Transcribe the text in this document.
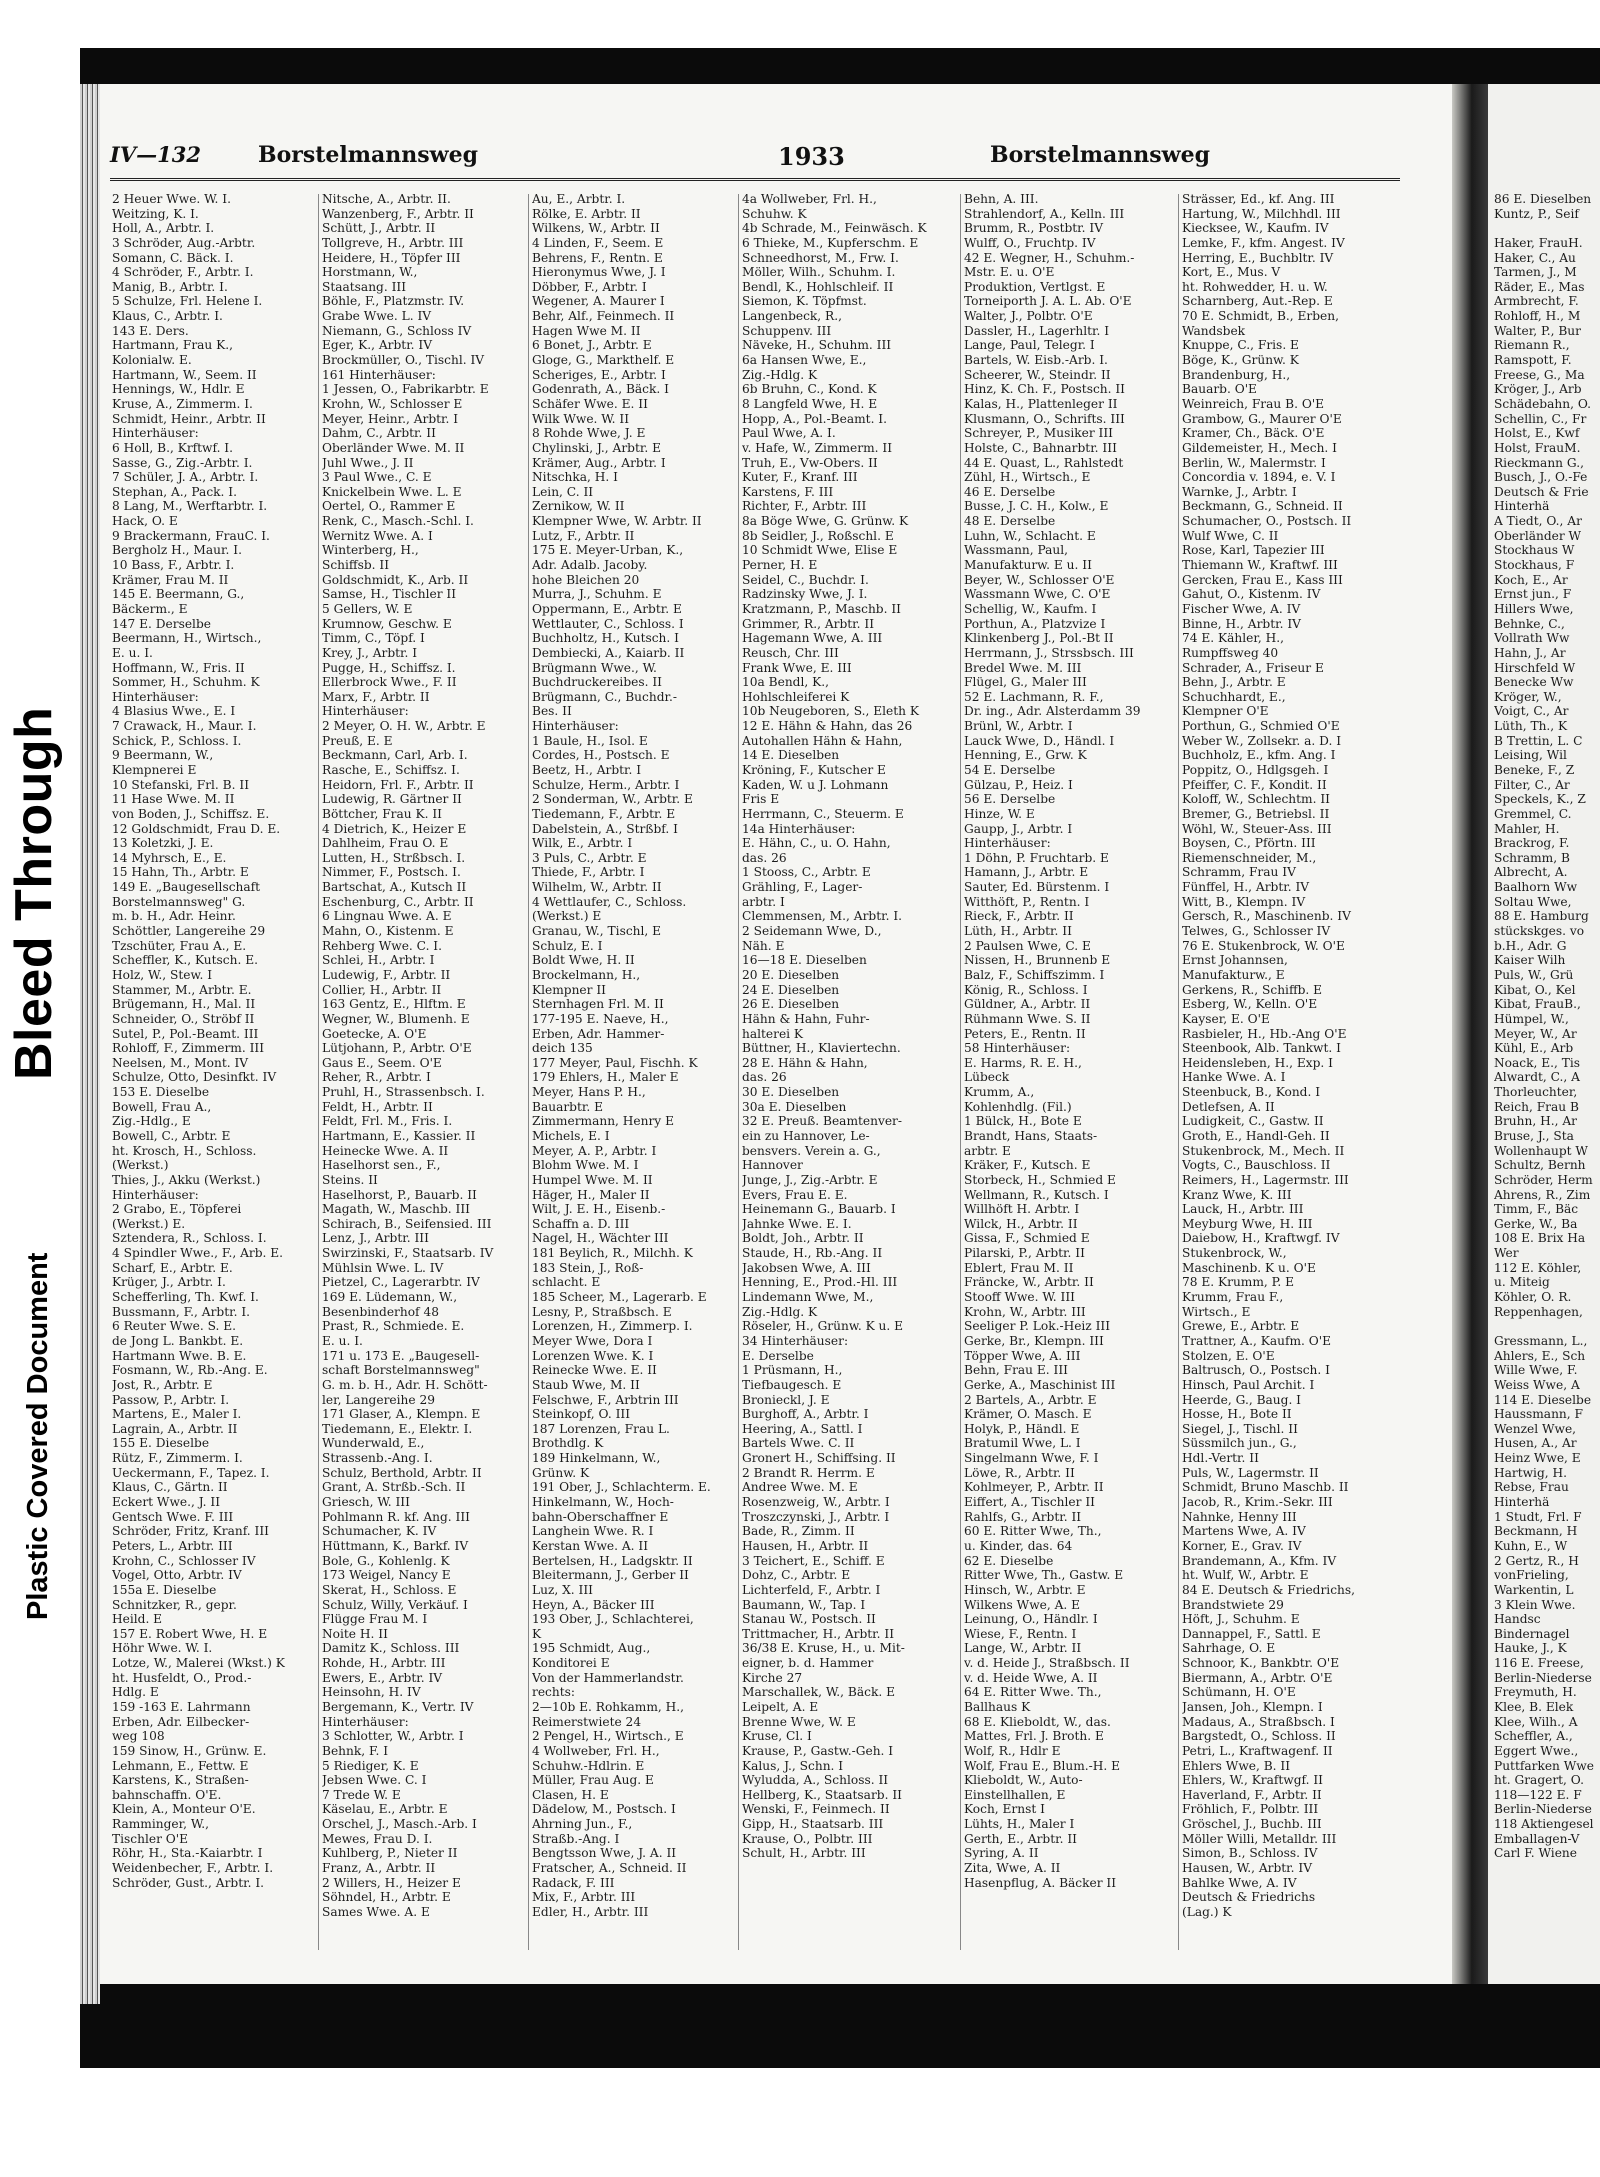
Bleed Through
Plastic Covered Document
86 E. Dieselben
Kuntz, P., Seif
Haker, FrauH.
Haker, C., Au
Tarmen, J., M
Räder, E., Mas
Armbrecht, F.
Rohloff, H., M
Walter, P., Bur
Riemann R.,
Ramspott, F.
Freese, G., Ma
Kröger, J., Arb
Schädebahn, O.
Schellin, C., Fr
Holst, E., Kwf
Holst, FrauM.
Rieckmann G.,
Busch, J., O.-Fe
Deutsch & Frie
Hinterhä
A Tiedt, O., Ar
Oberländer W
Stockhaus W
Stockhaus, F
Koch, E., Ar
Ernst jun., F
Hillers Wwe,
Behnke, C.,
Vollrath Ww
Hahn, J., Ar
Hirschfeld W
Benecke Ww
Kröger, W.,
Voigt, C., Ar
Lüth, Th., K
B Trettin, L. C
Leising, Wil
Beneke, F., Z
Filter, C., Ar
Speckels, K., Z
Gremmel, C.
Mahler, H.
Brackrog, F.
Schramm, B
Albrecht, A.
Baalhorn Ww
Soltau Wwe,
88 E. Hamburg
stückskges. vo
b.H., Adr. G
Kaiser Wilh
Puls, W., Grü
Kibat, O., Kel
Kibat, FrauB.,
Hümpel, W.,
Meyer, W., Ar
Kühl, E., Arb
Noack, E., Tis
Alwardt, C., A
Thorleuchter,
Reich, Frau B
Bruhn, H., Ar
Bruse, J., Sta
Wollenhaupt W
Schultz, Bernh
Schröder, Herm
Ahrens, R., Zim
Timm, F., Bäc
Gerke, W., Ba
108 E. Brix Ha
Wer
112 E. Köhler,
u. Miteig
Köhler, O. R.
Reppenhagen,
Gressmann, L.,
Ahlers, E., Sch
Wille Wwe, F.
Weiss Wwe, A
114 E. Dieselbe
Haussmann, F
Wenzel Wwe,
Husen, A., Ar
Heinz Wwe, E
Hartwig, H.
Rebse, Frau
Hinterhä
1 Studt, Frl. F
Beckmann, H
Kuhn, E., W
2 Gertz, R., H
vonFrieling,
Warkentin, L
3 Klein Wwe.
Handsc
Bindernagel
Hauke, J., K
116 E. Freese,
Berlin-Niederse
Freymuth, H.
Klee, B. Elek
Klee, Wilh., A
Scheffler, A.,
Eggert Wwe.,
Puttfarken Wwe
ht. Gragert, O.
118—122 E. F
Berlin-Niederse
118 Aktiengesel
Emballagen-V
Carl F. Wiene
IV—132	Borstelmannsweg	1933	Borstelmannsweg
2 Heuer Wwe. W. I.
Weitzing, K. I.
Holl, A., Arbtr. I.
3 Schröder, Aug.-Arbtr.
Somann, C. Bäck. I.
4 Schröder, F., Arbtr. I.
Manig, B., Arbtr. I.
5 Schulze, Frl. Helene I.
Klaus, C., Arbtr. I.
143 E. Ders.
Hartmann, Frau K.,
Kolonialw. E.
Hartmann, W., Seem. II
Hennings, W., Hdlr. E
Kruse, A., Zimmerm. I.
Schmidt, Heinr., Arbtr. II
Hinterhäuser:
6 Holl, B., Krftwf. I.
Sasse, G., Zig.-Arbtr. I.
7 Schüler, J. A., Arbtr. I.
Stephan, A., Pack. I.
8 Lang, M., Werftarbtr. I.
Hack, O. E
9 Brackermann, FrauC. I.
Bergholz H., Maur. I.
10 Bass, F., Arbtr. I.
Krämer, Frau M. II
145 E. Beermann, G.,
Bäckerm., E
147 E. Derselbe
Beermann, H., Wirtsch.,
E. u. I.
Hoffmann, W., Fris. II
Sommer, H., Schuhm. K
Hinterhäuser:
4 Blasius Wwe., E. I
7 Crawack, H., Maur. I.
Schick, P., Schloss. I.
9 Beermann, W.,
Klempnerei E
10 Stefanski, Frl. B. II
11 Hase Wwe. M. II
von Boden, J., Schiffsz. E.
12 Goldschmidt, Frau D. E.
13 Koletzki, J. E.
14 Myhrsch, E., E.
15 Hahn, Th., Arbtr. E
149 E. „Baugesellschaft
Borstelmannsweg" G.
m. b. H., Adr. Heinr.
Schöttler, Langereihe 29
Tzschüter, Frau A., E.
Scheffler, K., Kutsch. E.
Holz, W., Stew. I
Stammer, M., Arbtr. E.
Brügemann, H., Mal. II
Schneider, O., Ströbf II
Sutel, P., Pol.-Beamt. III
Rohloff, F., Zimmerm. III
Neelsen, M., Mont. IV
Schulze, Otto, Desinfkt. IV
153 E. Dieselbe
Bowell, Frau A.,
Zig.-Hdlg., E
Bowell, C., Arbtr. E
ht. Krosch, H., Schloss.
(Werkst.)
Thies, J., Akku (Werkst.)
Hinterhäuser:
2 Grabo, E., Töpferei
(Werkst.) E.
Sztendera, R., Schloss. I.
4 Spindler Wwe., F., Arb. E.
Scharf, E., Arbtr. E.
Krüger, J., Arbtr. I.
Schefferling, Th. Kwf. I.
Bussmann, F., Arbtr. I.
6 Reuter Wwe. S. E.
de Jong L. Bankbt. E.
Hartmann Wwe. B. E.
Fosmann, W., Rb.-Ang. E.
Jost, R., Arbtr. E
Passow, P., Arbtr. I.
Martens, E., Maler I.
Lagrain, A., Arbtr. II
155 E. Dieselbe
Rütz, F., Zimmerm. I.
Ueckermann, F., Tapez. I.
Klaus, C., Gärtn. II
Eckert Wwe., J. II
Gentsch Wwe. F. III
Schröder, Fritz, Kranf. III
Peters, L., Arbtr. III
Krohn, C., Schlosser IV
Vogel, Otto, Arbtr. IV
155a E. Dieselbe
Schnitzker, R., gepr.
Heild. E
157 E. Robert Wwe, H. E
Höhr Wwe. W. I.
Lotze, W., Malerei (Wkst.) K
ht. Husfeldt, O., Prod.-
Hdlg. E
159 -163 E. Lahrmann
Erben, Adr. Eilbecker-
weg 108
159 Sinow, H., Grünw. E.
Lehmann, E., Fettw. E
Karstens, K., Straßen-
bahnschaffn. O'E.
Klein, A., Monteur O'E.
Ramminger, W.,
Tischler O'E
Röhr, H., Sta.-Kaiarbtr. I
Weidenbecher, F., Arbtr. I.
Schröder, Gust., Arbtr. I.
Nitsche, A., Arbtr. II.
Wanzenberg, F., Arbtr. II
Schütt, J., Arbtr. II
Tollgreve, H., Arbtr. III
Heidere, H., Töpfer III
Horstmann, W.,
Staatsang. III
Böhle, F., Platzmstr. IV.
Grabe Wwe. L. IV
Niemann, G., Schloss IV
Eger, K., Arbtr. IV
Brockmüller, O., Tischl. IV
161 Hinterhäuser:
1 Jessen, O., Fabrikarbtr. E
Krohn, W., Schlosser E
Meyer, Heinr., Arbtr. I
Dahm, C., Arbtr. II
Oberländer Wwe. M. II
Juhl Wwe., J. II
3 Paul Wwe., C. E
Knickelbein Wwe. L. E
Oertel, O., Rammer E
Renk, C., Masch.-Schl. I.
Wernitz Wwe. A. I
Winterberg, H.,
Schiffsb. II
Goldschmidt, K., Arb. II
Samse, H., Tischler II
5 Gellers, W. E
Krumnow, Geschw. E
Timm, C., Töpf. I
Krey, J., Arbtr. I
Pugge, H., Schiffsz. I.
Ellerbrock Wwe., F. II
Marx, F., Arbtr. II
Hinterhäuser:
2 Meyer, O. H. W., Arbtr. E
Preuß, E. E
Beckmann, Carl, Arb. I.
Rasche, E., Schiffsz. I.
Heidorn, Frl. F., Arbtr. II
Ludewig, R. Gärtner II
Böttcher, Frau K. II
4 Dietrich, K., Heizer E
Dahlheim, Frau O. E
Lutten, H., Strßbsch. I.
Nimmer, F., Postsch. I.
Bartschat, A., Kutsch II
Eschenburg, C., Arbtr. II
6 Lingnau Wwe. A. E
Mahn, O., Kistenm. E
Rehberg Wwe. C. I.
Schlei, H., Arbtr. I
Ludewig, F., Arbtr. II
Collier, H., Arbtr. II
163 Gentz, E., Hlftm. E
Wegner, W., Blumenh. E
Goetecke, A. O'E
Lütjohann, P., Arbtr. O'E
Gaus E., Seem. O'E
Reher, R., Arbtr. I
Pruhl, H., Strassenbsch. I.
Feldt, H., Arbtr. II
Feldt, Frl. M., Fris. I.
Hartmann, E., Kassier. II
Heinecke Wwe. A. II
Haselhorst sen., F.,
Steins. II
Haselhorst, P., Bauarb. II
Magath, W., Maschb. III
Schirach, B., Seifensied. III
Lenz, J., Arbtr. III
Swirzinski, F., Staatsarb. IV
Mühlsin Wwe. L. IV
Pietzel, C., Lagerarbtr. IV
169 E. Lüdemann, W.,
Besenbinderhof 48
Prast, R., Schmiede. E.
E. u. I.
171 u. 173 E. „Baugesell-
schaft Borstelmannsweg"
G. m. b. H., Adr. H. Schött-
ler, Langereihe 29
171 Glaser, A., Klempn. E
Tiedemann, E., Elektr. I.
Wunderwald, E.,
Strassenb.-Ang. I.
Schulz, Berthold, Arbtr. II
Grant, A. Strßb.-Sch. II
Griesch, W. III
Pohlmann R. kf. Ang. III
Schumacher, K. IV
Hüttmann, K., Barkf. IV
Bole, G., Kohlenlg. K
173 Weigel, Nancy E
Skerat, H., Schloss. E
Schulz, Willy, Verkäuf. I
Flügge Frau M. I
Noite H. II
Damitz K., Schloss. III
Rohde, H., Arbtr. III
Ewers, E., Arbtr. IV
Heinsohn, H. IV
Bergemann, K., Vertr. IV
Hinterhäuser:
3 Schlotter, W., Arbtr. I
Behnk, F. I
5 Riediger, K. E
Jebsen Wwe. C. I
7 Trede W. E
Käselau, E., Arbtr. E
Orschel, J., Masch.-Arb. I
Mewes, Frau D. I.
Kuhlberg, P., Nieter II
Franz, A., Arbtr. II
2 Willers, H., Heizer E
Söhndel, H., Arbtr. E
Sames Wwe. A. E
Au, E., Arbtr. I.
Rölke, E. Arbtr. II
Wilkens, W., Arbtr. II
4 Linden, F., Seem. E
Behrens, F., Rentn. E
Hieronymus Wwe, J. I
Döbber, F., Arbtr. I
Wegener, A. Maurer I
Behr, Alf., Feinmech. II
Hagen Wwe M. II
6 Bonet, J., Arbtr. E
Gloge, G., Markthelf. E
Scheriges, E., Arbtr. I
Godenrath, A., Bäck. I
Schäfer Wwe. E. II
Wilk Wwe. W. II
8 Rohde Wwe, J. E
Chylinski, J., Arbtr. E
Krämer, Aug., Arbtr. I
Nitschka, H. I
Lein, C. II
Zernikow, W. II
Klempner Wwe, W. Arbtr. II
Lutz, F., Arbtr. II
175 E. Meyer-Urban, K.,
Adr. Adalb. Jacoby.
hohe Bleichen 20
Murra, J., Schuhm. E
Oppermann, E., Arbtr. E
Wettlauter, C., Schloss. I
Buchholtz, H., Kutsch. I
Dembiecki, A., Kaiarb. II
Brügmann Wwe., W.
Buchdruckereibes. II
Brügmann, C., Buchdr.-
Bes. II
Hinterhäuser:
1 Baule, H., Isol. E
Cordes, H., Postsch. E
Beetz, H., Arbtr. I
Schulze, Herm., Arbtr. I
2 Sonderman, W., Arbtr. E
Tiedemann, F., Arbtr. E
Dabelstein, A., Strßbf. I
Wilk, E., Arbtr. I
3 Puls, C., Arbtr. E
Thiede, F., Arbtr. I
Wilhelm, W., Arbtr. II
4 Wettlaufer, C., Schloss.
(Werkst.) E
Granau, W., Tischl, E
Schulz, E. I
Boldt Wwe, H. II
Brockelmann, H.,
Klempner II
Sternhagen Frl. M. II
177-195 E. Naeve, H.,
Erben, Adr. Hammer-
deich 135
177 Meyer, Paul, Fischh. K
179 Ehlers, H., Maler E
Meyer, Hans P. H.,
Bauarbtr. E
Zimmermann, Henry E
Michels, E. I
Meyer, A. P., Arbtr. I
Blohm Wwe. M. I
Humpel Wwe. M. II
Häger, H., Maler II
Wilt, J. E. H., Eisenb.-
Schaffn a. D. III
Nagel, H., Wächter III
181 Beylich, R., Milchh. K
183 Stein, J., Roß-
schlacht. E
185 Scheer, M., Lagerarb. E
Lesny, P., Straßbsch. E
Lorenzen, H., Zimmerp. I.
Meyer Wwe, Dora I
Lorenzen Wwe. K. I
Reinecke Wwe. E. II
Staub Wwe, M. II
Felschwe, F., Arbtrin III
Steinkopf, O. III
187 Lorenzen, Frau L.
Brothdlg. K
189 Hinkelmann, W.,
Grünw. K
191 Ober, J., Schlachterm. E.
Hinkelmann, W., Hoch-
bahn-Oberschaffner E
Langhein Wwe. R. I
Kerstan Wwe. A. II
Bertelsen, H., Ladgsktr. II
Bleitermann, J., Gerber II
Luz, X. III
Heyn, A., Bäcker III
193 Ober, J., Schlachterei,
K
195 Schmidt, Aug.,
Konditorei E
Von der Hammerlandstr.
rechts:
2—10b E. Rohkamm, H.,
Reimerstwiete 24
2 Pengel, H., Wirtsch., E
4 Wollweber, Frl. H.,
Schuhw.-Hdlrin. E
Müller, Frau Aug. E
Clasen, H. E
Dädelow, M., Postsch. I
Ahrning Jun., F.,
Straßb.-Ang. I
Bengtsson Wwe, J. A. II
Fratscher, A., Schneid. II
Radack, F. III
Mix, F., Arbtr. III
Edler, H., Arbtr. III
4a Wollweber, Frl. H.,
Schuhw. K
4b Schrade, M., Feinwäsch. K
6 Thieke, M., Kupferschm. E
Schneedhorst, M., Frw. I.
Möller, Wilh., Schuhm. I.
Bendl, K., Hohlschleif. II
Siemon, K. Töpfmst.
Langenbeck, R.,
Schuppenv. III
Näveke, H., Schuhm. III
6a Hansen Wwe, E.,
Zig.-Hdlg. K
6b Bruhn, C., Kond. K
8 Langfeld Wwe, H. E
Hopp, A., Pol.-Beamt. I.
Paul Wwe, A. I.
v. Hafe, W., Zimmerm. II
Truh, E., Vw-Obers. II
Kuter, F., Kranf. III
Karstens, F. III
Richter, F., Arbtr. III
8a Böge Wwe, G. Grünw. K
8b Seidler, J., Roßschl. E
10 Schmidt Wwe, Elise E
Perner, H. E
Seidel, C., Buchdr. I.
Radzinsky Wwe, J. I.
Kratzmann, P., Maschb. II
Grimmer, R., Arbtr. II
Hagemann Wwe, A. III
Reusch, Chr. III
Frank Wwe, E. III
10a Bendl, K.,
Hohlschleiferei K
10b Neugeboren, S., Eleth K
12 E. Hähn & Hahn, das 26
Autohallen Hähn & Hahn,
14 E. Dieselben
Kröning, F., Kutscher E
Kaden, W. u J. Lohmann
Fris E
Herrmann, C., Steuerm. E
14a Hinterhäuser:
E. Hähn, C., u. O. Hahn,
das. 26
1 Stooss, C., Arbtr. E
Grähling, F., Lager-
arbtr. I
Clemmensen, M., Arbtr. I.
2 Seidemann Wwe, D.,
Näh. E
16—18 E. Dieselben
20 E. Dieselben
24 E. Dieselben
26 E. Dieselben
Hähn & Hahn, Fuhr-
halterei K
Büttner, H., Klaviertechn.
28 E. Hähn & Hahn,
das. 26
30 E. Dieselben
30a E. Dieselben
32 E. Preuß. Beamtenver-
ein zu Hannover, Le-
bensvers. Verein a. G.,
Hannover
Junge, J., Zig.-Arbtr. E
Evers, Frau E. E.
Heinemann G., Bauarb. I
Jahnke Wwe. E. I.
Boldt, Joh., Arbtr. II
Staude, H., Rb.-Ang. II
Jakobsen Wwe, A. III
Henning, E., Prod.-Hl. III
Lindemann Wwe, M.,
Zig.-Hdlg. K
Röseler, H., Grünw. K u. E
34 Hinterhäuser:
E. Derselbe
1 Prüsmann, H.,
Tiefbaugesch. E
Bronieckl, J. E
Burghoff, A., Arbtr. I
Heering, A., Sattl. I
Bartels Wwe. C. II
Gronert H., Schiffsing. II
2 Brandt R. Herrm. E
Andree Wwe. M. E
Rosenzweig, W., Arbtr. I
Troszczynski, J., Arbtr. I
Bade, R., Zimm. II
Hausen, H., Arbtr. II
3 Teichert, E., Schiff. E
Dohz, C., Arbtr. E
Lichterfeld, F., Arbtr. I
Baumann, W., Tap. I
Stanau W., Postsch. II
Trittmacher, H., Arbtr. II
36/38 E. Kruse, H., u. Mit-
eigner, b. d. Hammer
Kirche 27
Marschallek, W., Bäck. E
Leipelt, A. E
Brenne Wwe, W. E
Kruse, Cl. I
Krause, P., Gastw.-Geh. I
Kalus, J., Schn. I
Wyludda, A., Schloss. II
Hellberg, K., Staatsarb. II
Wenski, F., Feinmech. II
Gipp, H., Staatsarb. III
Krause, O., Polbtr. III
Schult, H., Arbtr. III
Behn, A. III.
Strahlendorf, A., Kelln. III
Brumm, R., Postbtr. IV
Wulff, O., Fruchtp. IV
42 E. Wegner, H., Schuhm.-
Mstr. E. u. O'E
Produktion, Vertlgst. E
Torneiporth J. A. L. Ab. O'E
Walter, J., Polbtr. O'E
Dassler, H., Lagerhltr. I
Lange, Paul, Telegr. I
Bartels, W. Eisb.-Arb. I.
Scheerer, W., Steindr. II
Hinz, K. Ch. F., Postsch. II
Kalas, H., Plattenleger II
Klusmann, O., Schrifts. III
Schreyer, P., Musiker III
Holste, C., Bahnarbtr. III
44 E. Quast, L., Rahlstedt
Zühl, H., Wirtsch., E
46 E. Derselbe
Busse, J. C. H., Kolw., E
48 E. Derselbe
Luhn, W., Schlacht. E
Wassmann, Paul,
Manufakturw. E u. II
Beyer, W., Schlosser O'E
Wassmann Wwe, C. O'E
Schellig, W., Kaufm. I
Porthun, A., Platzvize I
Klinkenberg J., Pol.-Bt II
Herrmann, J., Strssbsch. III
Bredel Wwe. M. III
Flügel, G., Maler III
52 E. Lachmann, R. F.,
Dr. ing., Adr. Alsterdamm 39
Brünl, W., Arbtr. I
Lauck Wwe, D., Händl. I
Henning, E., Grw. K
54 E. Derselbe
Gülzau, P., Heiz. I
56 E. Derselbe
Hinze, W. E
Gaupp, J., Arbtr. I
Hinterhäuser:
1 Döhn, P. Fruchtarb. E
Hamann, J., Arbtr. E
Sauter, Ed. Bürstenm. I
Witthöft, P., Rentn. I
Rieck, F., Arbtr. II
Lüth, H., Arbtr. II
2 Paulsen Wwe, C. E
Nissen, H., Brunnenb E
Balz, F., Schiffszimm. I
König, R., Schloss. I
Güldner, A., Arbtr. II
Rühmann Wwe. S. II
Peters, E., Rentn. II
58 Hinterhäuser:
E. Harms, R. E. H.,
Lübeck
Krumm, A.,
Kohlenhdlg. (Fil.)
1 Bülck, H., Bote E
Brandt, Hans, Staats-
arbtr. E
Kräker, F., Kutsch. E
Storbeck, H., Schmied E
Wellmann, R., Kutsch. I
Willhöft H. Arbtr. I
Wilck, H., Arbtr. II
Gissa, F., Schmied E
Pilarski, P., Arbtr. II
Eblert, Frau M. II
Fräncke, W., Arbtr. II
Stooff Wwe. W. III
Krohn, W., Arbtr. III
Seeliger P. Lok.-Heiz III
Gerke, Br., Klempn. III
Töpper Wwe, A. III
Behn, Frau E. III
Gerke, A., Maschinist III
2 Bartels, A., Arbtr. E
Krämer, O. Masch. E
Holyk, P., Händl. E
Bratumil Wwe, L. I
Singelmann Wwe, F. I
Löwe, R., Arbtr. II
Kohlmeyer, P., Arbtr. II
Eiffert, A., Tischler II
Rahlfs, G., Arbtr. II
60 E. Ritter Wwe, Th.,
u. Kinder, das. 64
62 E. Dieselbe
Ritter Wwe, Th., Gastw. E
Hinsch, W., Arbtr. E
Wilkens Wwe, A. E
Leinung, O., Händlr. I
Wiese, F., Rentn. I
Lange, W., Arbtr. II
v. d. Heide J., Straßbsch. II
v. d. Heide Wwe, A. II
64 E. Ritter Wwe. Th.,
Ballhaus K
68 E. Klieboldt, W., das.
Mattes, Frl. J. Broth. E
Wolf, R., Hdlr E
Wolf, Frau E., Blum.-H. E
Klieboldt, W., Auto-
Einstellhallen, E
Koch, Ernst I
Lühts, H., Maler I
Gerth, E., Arbtr. II
Syring, A. II
Zita, Wwe, A. II
Hasenpflug, A. Bäcker II
Strässer, Ed., kf. Ang. III
Hartung, W., Milchhdl. III
Kiecksee, W., Kaufm. IV
Lemke, F., kfm. Angest. IV
Herring, E., Buchbltr. IV
Kort, E., Mus. V
ht. Rohwedder, H. u. W.
Scharnberg, Aut.-Rep. E
70 E. Schmidt, B., Erben,
Wandsbek
Knuppe, C., Fris. E
Böge, K., Grünw. K
Brandenburg, H.,
Bauarb. O'E
Weinreich, Frau B. O'E
Grambow, G., Maurer O'E
Kramer, Ch., Bäck. O'E
Gildemeister, H., Mech. I
Berlin, W., Malermstr. I
Concordia v. 1894, e. V. I
Warnke, J., Arbtr. I
Beckmann, G., Schneid. II
Schumacher, O., Postsch. II
Wulf Wwe, C. II
Rose, Karl, Tapezier III
Thiemann W., Kraftwf. III
Gercken, Frau E., Kass III
Gahut, O., Kistenm. IV
Fischer Wwe, A. IV
Binne, H., Arbtr. IV
74 E. Kähler, H.,
Rumpffsweg 40
Schrader, A., Friseur E
Behn, J., Arbtr. E
Schuchhardt, E.,
Klempner O'E
Porthun, G., Schmied O'E
Weber W., Zollsekr. a. D. I
Buchholz, E., kfm. Ang. I
Poppitz, O., Hdlgsgeh. I
Pfeiffer, C. F., Kondit. II
Koloff, W., Schlechtm. II
Bremer, G., Betriebsl. II
Wöhl, W., Steuer-Ass. III
Boysen, C., Pförtn. III
Riemenschneider, M.,
Schramm, Frau IV
Fünffel, H., Arbtr. IV
Witt, B., Klempn. IV
Gersch, R., Maschinenb. IV
Telwes, G., Schlosser IV
76 E. Stukenbrock, W. O'E
Ernst Johannsen,
Manufakturw., E
Gerkens, R., Schiffb. E
Esberg, W., Kelln. O'E
Kayser, E. O'E
Rasbieler, H., Hb.-Ang O'E
Steenbook, Alb. Tankwt. I
Heidensleben, H., Exp. I
Hanke Wwe. A. I
Steenbuck, B., Kond. I
Detlefsen, A. II
Ludigkeit, C., Gastw. II
Groth, E., Handl-Geh. II
Stukenbrock, M., Mech. II
Vogts, C., Bauschloss. II
Reimers, H., Lagermstr. III
Kranz Wwe, K. III
Lauck, H., Arbtr. III
Meyburg Wwe, H. III
Daiebow, H., Kraftwgf. IV
Stukenbrock, W.,
Maschinenb. K u. O'E
78 E. Krumm, P. E
Krumm, Frau F.,
Wirtsch., E
Grewe, E., Arbtr. E
Trattner, A., Kaufm. O'E
Stolzen, E. O'E
Baltrusch, O., Postsch. I
Hinsch, Paul Archit. I
Heerde, G., Baug. I
Hosse, H., Bote II
Siegel, J., Tischl. II
Süssmilch jun., G.,
Hdl.-Vertr. II
Puls, W., Lagermstr. II
Schmidt, Bruno Maschb. II
Jacob, R., Krim.-Sekr. III
Nahnke, Henny III
Martens Wwe, A. IV
Korner, E., Grav. IV
Brandemann, A., Kfm. IV
ht. Wulf, W., Arbtr. E
84 E. Deutsch & Friedrichs,
Brandstwiete 29
Höft, J., Schuhm. E
Dannappel, F., Sattl. E
Sahrhage, O. E
Schnoor, K., Bankbtr. O'E
Biermann, A., Arbtr. O'E
Schümann, H. O'E
Jansen, Joh., Klempn. I
Madaus, A., Straßbsch. I
Bargstedt, O., Schloss. II
Petri, L., Kraftwagenf. II
Ehlers Wwe, B. II
Ehlers, W., Kraftwgf. II
Haverland, F., Arbtr. II
Fröhlich, F., Polbtr. III
Gröschel, J., Buchb. III
Möller Willi, Metalldr. III
Simon, B., Schloss. IV
Hausen, W., Arbtr. IV
Bahlke Wwe, A. IV
Deutsch & Friedrichs
(Lag.) K
